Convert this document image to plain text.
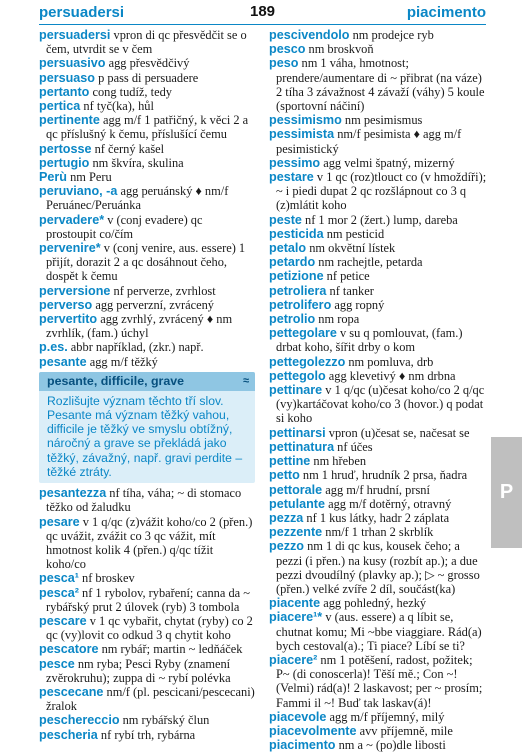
persuadersi	189	piacimento

persuadersi vpron di qc přesvědčit se o čem, utvrdit se v čem

persuasivo agg přesvědčivý

persuaso p pass di persuadere

pertanto cong tudíž, tedy

pertica nf tyč(ka), hůl

pertinente agg m/f 1 patřičný, k věci 2 a qc příslušný k čemu, příslušící čemu

pertosse nf černý kašel

pertugio nm škvíra, skulina

Perù nm Peru

peruviano, -a agg peruánský ♦ nm/f Peruánec/Peruánka

pervadere* v (conj evadere) qc prostoupit co/čím

pervenire* v (conj venire, aus. essere) 1 přijít, dorazit 2 a qc dosáhnout čeho, dospět k čemu

perversione nf perverze, zvrhlost

perverso agg perverzní, zvrácený

pervertito agg zvrhlý, zvrácený ♦ nm zvrhlík, (fam.) úchyl

p.es. abbr například, (zkr.) např.

pesante agg m/f těžký

pesante, difficile, grave	≈
Rozlišujte význam těchto tří slov. Pesante má význam těžký vahou, difficile je těžký ve smyslu obtížný, náročný a grave se překládá jako těžký, závažný, např. gravi perdite – těžké ztráty.

pesantezza nf tíha, váha; ~ di stomaco těžko od žaludku

pesare v 1 q/qc (z)vážit koho/co 2 (přen.) qc uvážit, zvážit co 3 qc vážit, mít hmotnost kolik 4 (přen.) q/qc tížit koho/co

pesca¹ nf broskev

pesca² nf 1 rybolov, rybaření; canna da ~ rybářský prut 2 úlovek (ryb) 3 tombola

pescare v 1 qc vybařit, chytat (ryby) co 2 qc (vy)lovit co odkud 3 q chytit koho

pescatore nm rybář; martin ~ ledňáček

pesce nm ryba; Pesci Ryby (znamení zvěrokruhu); zuppa di ~ rybí polévka

pescecane nm/f (pl. pescicani/pescecani) žralok

peschereccio nm rybářský člun

pescheria nf rybí trh, rybárna

pescivendolo nm prodejce ryb

pesco nm broskvoň

peso nm 1 váha, hmotnost; prendere/aumentare di ~ přibrat (na váze) 2 tíha 3 závažnost 4 závaží (váhy) 5 koule (sportovní náčiní)

pessimismo nm pesimismus

pessimista nm/f pesimista ♦ agg m/f pesimistický

pessimo agg velmi špatný, mizerný

pestare v 1 qc (roz)tlouct co (v hmoždíři); ~ i piedi dupat 2 qc rozšlápnout co 3 q (z)mlátit koho

peste nf 1 mor 2 (žert.) lump, dareba

pesticida nm pesticid

petalo nm okvětní lístek

petardo nm rachejtle, petarda

petizione nf petice

petroliera nf tanker

petrolifero agg ropný

petrolio nm ropa

pettegolare v su q pomlouvat, (fam.) drbat koho, šířit drby o kom

pettegolezzo nm pomluva, drb

pettegolo agg klevetivý ♦ nm drbna

pettinare v 1 q/qc (u)česat koho/co 2 q/qc (vy)kartáčovat koho/co 3 (hovor.) q podat si koho

pettinarsi vpron (u)česat se, načesat se

pettinatura nf účes

pettine nm hřeben

petto nm 1 hruď, hrudník 2 prsa, ňadra

pettorale agg m/f hrudní, prsní

petulante agg m/f dotěrný, otravný

pezza nf 1 kus látky, hadr 2 záplata

pezzente nm/f 1 trhan 2 skrblík

pezzo nm 1 di qc kus, kousek čeho; a pezzi (i přen.) na kusy (rozbít ap.); a due pezzi dvoudílný (plavky ap.); ▷ ~ grosso (přen.) velké zvíře 2 díl, součást(ka)

piacente agg pohledný, hezký

piacere¹* v (aus. essere) a q líbit se, chutnat komu; Mi ~bbe viaggiare. Rád(a) bych cestoval(a).; Ti piace? Líbí se ti?

piacere² nm 1 potěšení, radost, požitek; P~ (di conoscerla)! Těší mě.; Con ~! (Velmi) rád(a)! 2 laskavost; per ~ prosím; Fammi il ~! Buď tak laskav(á)!

piacevole agg m/f příjemný, milý

piacevolmente avv příjemně, mile

piacimento nm a ~ (po)dle libosti

P
